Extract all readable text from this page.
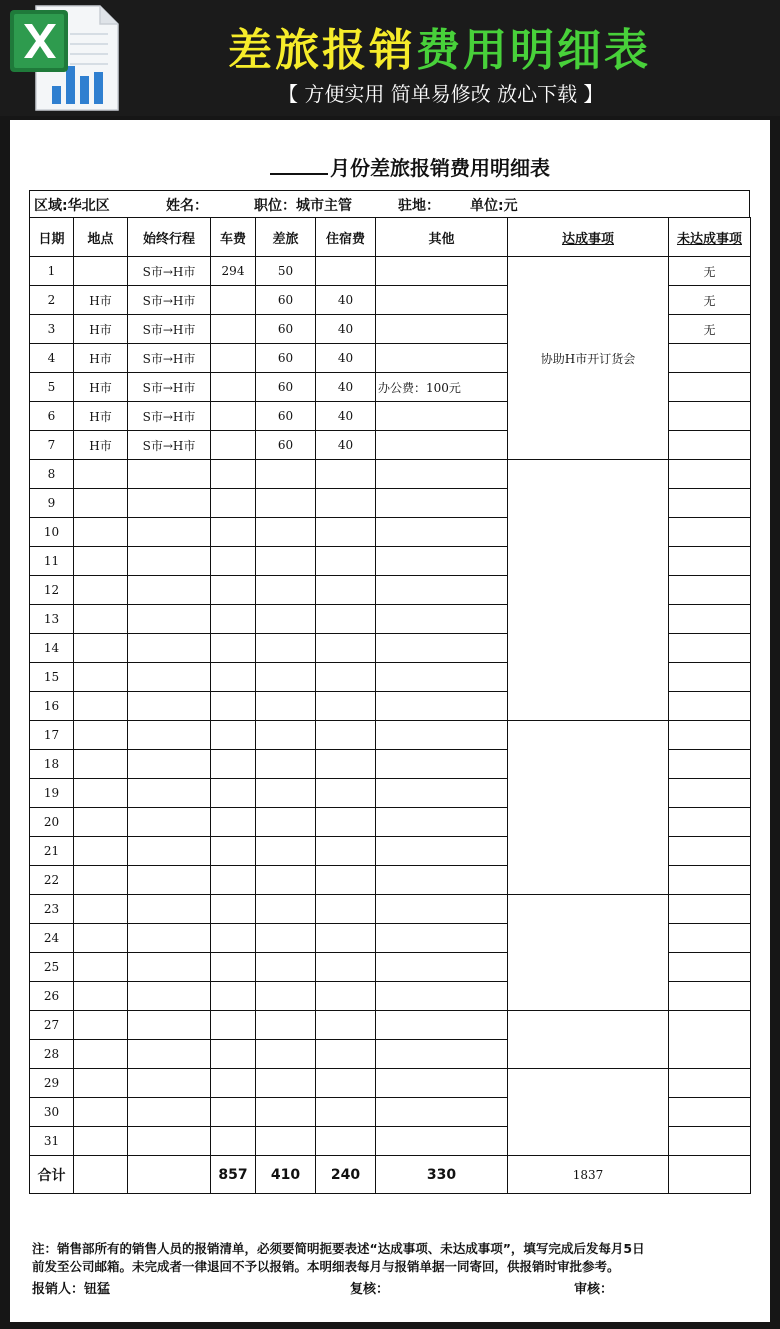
差旅报销费用明细表
【 方便实用 简单易修改 放心下载 】
月份差旅报销费用明细表
区域:华北区	姓名：	职位：城市主管	驻地： 单位:元
日期	地点	始终行程	车费	差旅	住宿费	其他	达成事项	未达成事项
1		S市→H市	294	50			协助H市开订货会	无
2	H市	S市→H市		60	40			无
3	H市	S市→H市		60	40			无
4	H市	S市→H市		60	40			
5	H市	S市→H市		60	40	办公费：100元		
6	H市	S市→H市		60	40			
7	H市	S市→H市		60	40			
8								
9								
10								
11								
12								
13								
14								
15								
16								
17								
18								
19								
20								
21								
22								
23								
24								
25								
26								
27								
28								
29								
30								
31								
合计			857	410	240	330	1837	
注：销售部所有的销售人员的报销清单，必须要简明扼要表述“达成事项、未达成事项”，填写完成后发每月5日
前发至公司邮箱。未完成者一律退回不予以报销。本明细表每月与报销单据一同寄回，供报销时审批参考。
报销人：钮猛	复核：	审核：
